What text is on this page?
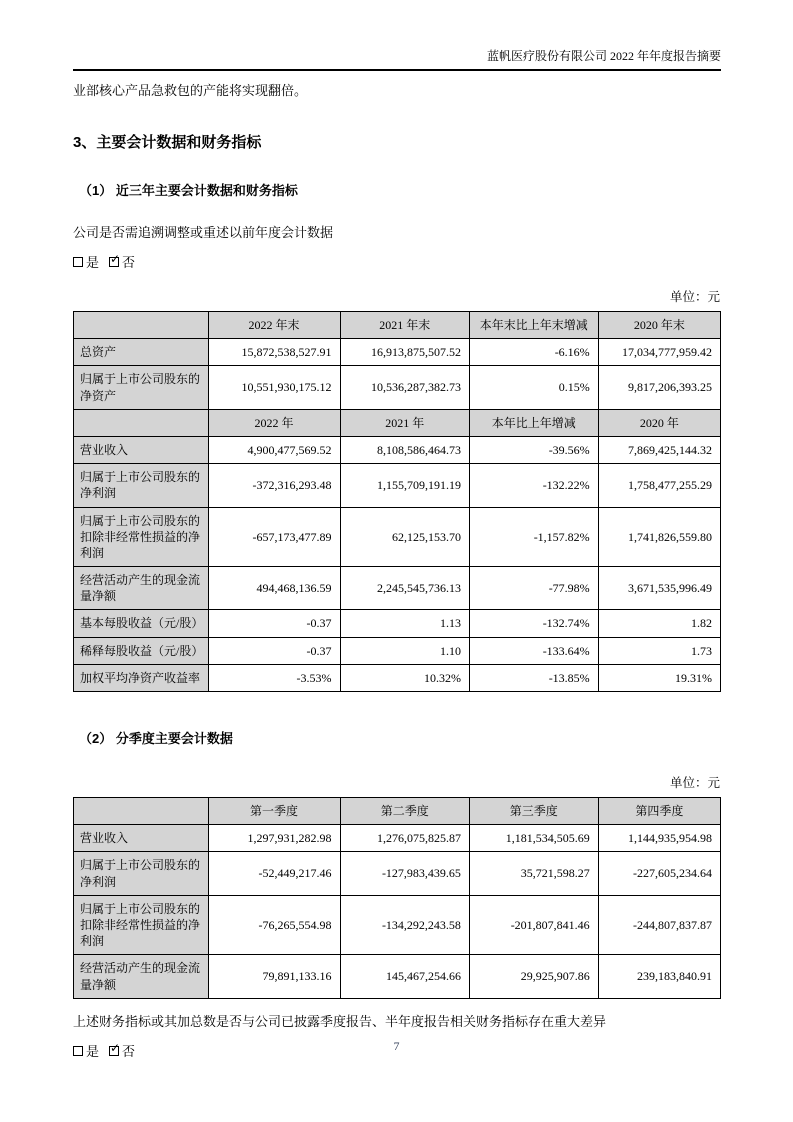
蓝帆医疗股份有限公司 2022 年年度报告摘要

业部核心产品急救包的产能将实现翻倍。

3、主要会计数据和财务指标
（1） 近三年主要会计数据和财务指标

公司是否需追溯调整或重述以前年度会计数据

是 ✓ 否
单位：元
	2022 年末	2021 年末	本年末比上年末增减	2020 年末
总资产	15,872,538,527.91	16,913,875,507.52	-6.16%	17,034,777,959.42
归属于上市公司股东的净资产	10,551,930,175.12	10,536,287,382.73	0.15%	9,817,206,393.25
	2022 年	2021 年	本年比上年增减	2020 年
营业收入	4,900,477,569.52	8,108,586,464.73	-39.56%	7,869,425,144.32
归属于上市公司股东的净利润	-372,316,293.48	1,155,709,191.19	-132.22%	1,758,477,255.29
归属于上市公司股东的扣除非经常性损益的净利润	-657,173,477.89	62,125,153.70	-1,157.82%	1,741,826,559.80
经营活动产生的现金流量净额	494,468,136.59	2,245,545,736.13	-77.98%	3,671,535,996.49
基本每股收益（元/股）	-0.37	1.13	-132.74%	1.82
稀释每股收益（元/股）	-0.37	1.10	-133.64%	1.73
加权平均净资产收益率	-3.53%	10.32%	-13.85%	19.31%
（2） 分季度主要会计数据
单位：元
	第一季度	第二季度	第三季度	第四季度
营业收入	1,297,931,282.98	1,276,075,825.87	1,181,534,505.69	1,144,935,954.98
归属于上市公司股东的净利润	-52,449,217.46	-127,983,439.65	35,721,598.27	-227,605,234.64
归属于上市公司股东的扣除非经常性损益的净利润	-76,265,554.98	-134,292,243.58	-201,807,841.46	-244,807,837.87
经营活动产生的现金流量净额	79,891,133.16	145,467,254.66	29,925,907.86	239,183,840.91

上述财务指标或其加总数是否与公司已披露季度报告、半年度报告相关财务指标存在重大差异

是 ✓ 否	7
